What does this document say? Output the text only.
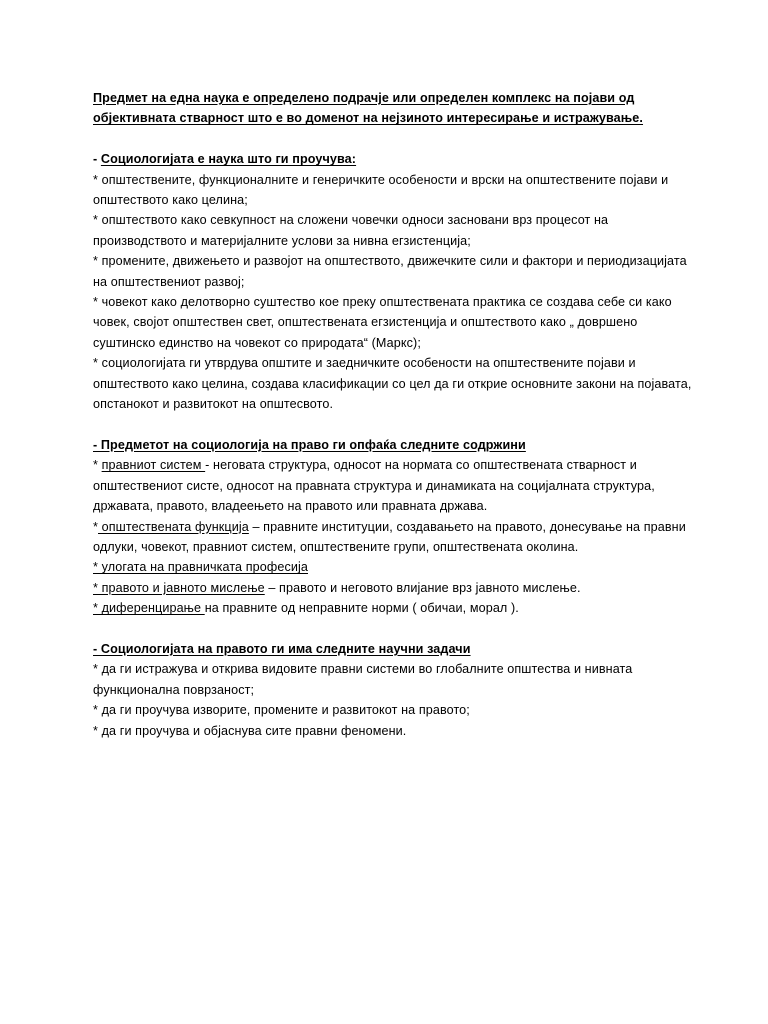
Предмет на една наука е определено подрачје или определен комплекс на појави од
објективната стварност што е во доменот на нејзиното интересирање и истражување.

- Социологијата е наука што ги проучува:

* општествените, функционалните и генеричките особености и врски на општествените појави и општеството како целина;

* општеството како севкупност на сложени човечки односи засновани врз процесот на производството и материјалните услови за нивна егзистенција;

* промените, движењето и развојот на општеството, движечките сили и фактори и периодизацијата на општествениот развој;

* човекот како делотворно суштество кое преку општествената практика се создава себе си како човек, својот општествен свет, општествената егзистенција и општеството како „ довршено суштинско единство на човекот со природата“ (Маркс);

* социологијата ги утврдува општите и заедничките особености на општествените појави и општеството како целина, создава класификации со цел да ги открие основните закони на појавата, опстанокот и развитокот на општесвото.

- Предметот на социологија на право ги опфаќа следните содржини

* правниот систем - неговата структура, односот на нормата со општествената стварност и општествениот систе, односот на правната структура и динамиката на социјалната структура, државата, правото, владеењето на правото или правната држава.

* општествената функција – правните институции, создавањето на правото, донесување на правни одлуки, човекот, правниот систем, општествените групи, општествената околина.

* улогата на правничката професија

* правото и јавното мислење – правото и неговото влијание врз јавното мислење.

* диференцирање на правните од неправните норми ( обичаи, морал ).

- Социологијата на правото ги има следните научни задачи

* да ги истражува и открива видовите правни системи во глобалните општества и нивната функционална поврзаност;

* да ги проучува изворите, промените и развитокот на правото;

* да ги проучува и објаснува сите правни феномени.
